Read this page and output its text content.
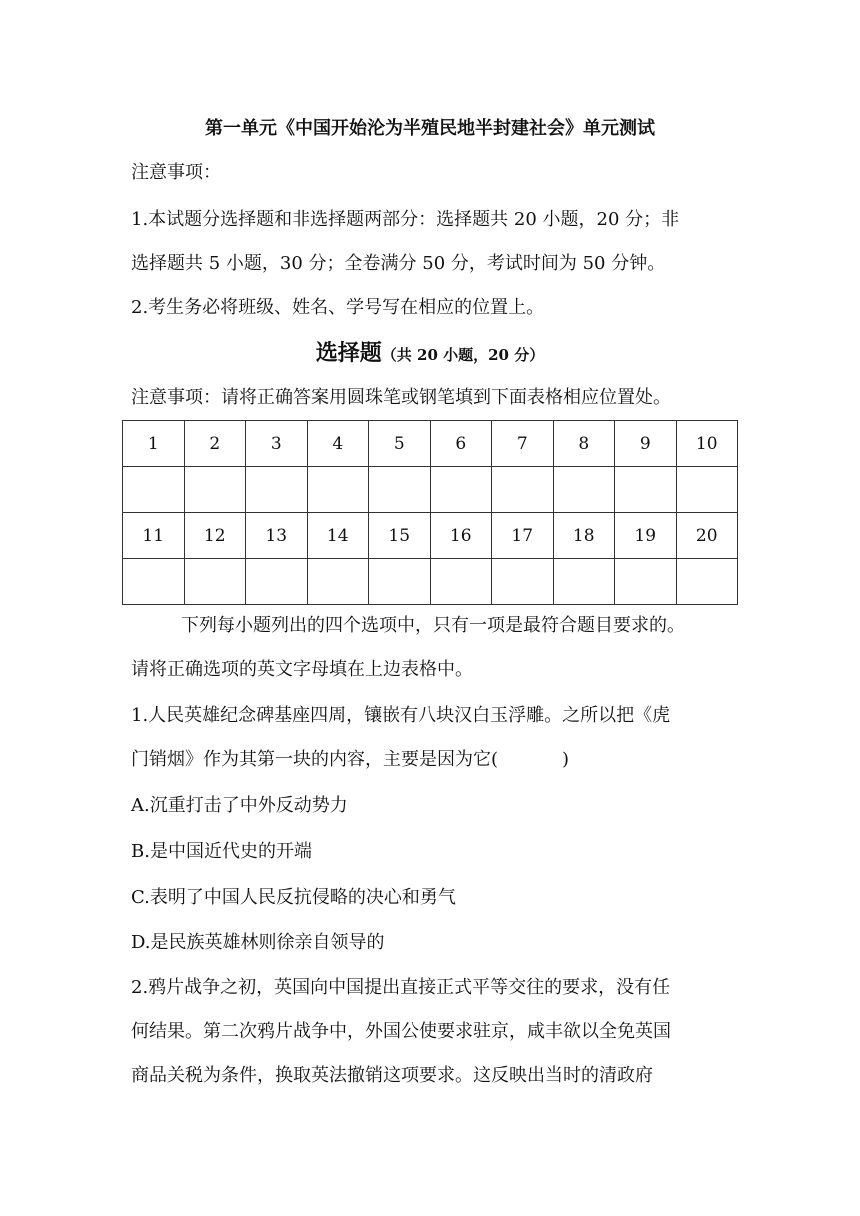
第一单元《中国开始沦为半殖民地半封建社会》单元测试
注意事项：
1.本试题分选择题和非选择题两部分：选择题共 20 小题，20 分；非
选择题共 5 小题，30 分；全卷满分 50 分，考试时间为 50 分钟。
2.考生务必将班级、姓名、学号写在相应的位置上。
选择题（共 20 小题，20 分）
注意事项：请将正确答案用圆珠笔或钢笔填到下面表格相应位置处。
1	2	3	4	5	6	7	8	9	10

11	12	13	14	15	16	17	18	19	20

下列每小题列出的四个选项中，只有一项是最符合题目要求的。
请将正确选项的英文字母填在上边表格中。
1.人民英雄纪念碑基座四周，镶嵌有八块汉白玉浮雕。之所以把《虎
门销烟》作为其第一块的内容，主要是因为它(	)
A.沉重打击了中外反动势力
B.是中国近代史的开端
C.表明了中国人民反抗侵略的决心和勇气
D.是民族英雄林则徐亲自领导的
2.鸦片战争之初，英国向中国提出直接正式平等交往的要求，没有任
何结果。第二次鸦片战争中，外国公使要求驻京，咸丰欲以全免英国
商品关税为条件，换取英法撤销这项要求。这反映出当时的清政府
